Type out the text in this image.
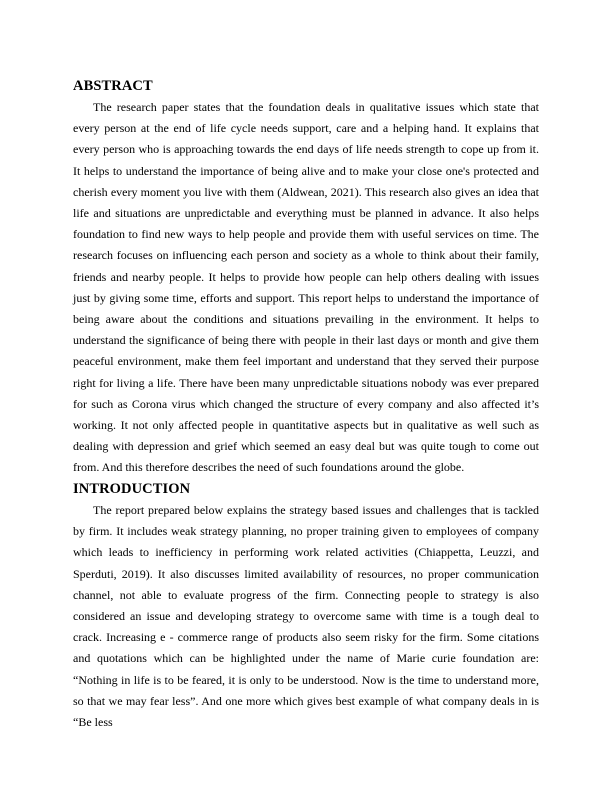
ABSTRACT

The research paper states that the foundation deals in qualitative issues which state that every person at the end of life cycle needs support, care and a helping hand. It explains that every person who is approaching towards the end days of life needs strength to cope up from it. It helps to understand the importance of being alive and to make your close one's protected and cherish every moment you live with them (Aldwean, 2021). This research also gives an idea that life and situations are unpredictable and everything must be planned in advance. It also helps foundation to find new ways to help people and provide them with useful services on time. The research focuses on influencing each person and society as a whole to think about their family, friends and nearby people. It helps to provide how people can help others dealing with issues just by giving some time, efforts and support. This report helps to understand the importance of being aware about the conditions and situations prevailing in the environment. It helps to understand the significance of being there with people in their last days or month and give them peaceful environment, make them feel important and understand that they served their purpose right for living a life. There have been many unpredictable situations nobody was ever prepared for such as Corona virus which changed the structure of every company and also affected it’s working. It not only affected people in quantitative aspects but in qualitative as well such as dealing with depression and grief which seemed an easy deal but was quite tough to come out from. And this therefore describes the need of such foundations around the globe.

INTRODUCTION

The report prepared below explains the strategy based issues and challenges that is tackled by firm. It includes weak strategy planning, no proper training given to employees of company which leads to inefficiency in performing work related activities (Chiappetta, Leuzzi, and Sperduti, 2019). It also discusses limited availability of resources, no proper communication channel, not able to evaluate progress of the firm. Connecting people to strategy is also considered an issue and developing strategy to overcome same with time is a tough deal to crack. Increasing e - commerce range of products also seem risky for the firm. Some citations and quotations which can be highlighted under the name of Marie curie foundation are: “Nothing in life is to be feared, it is only to be understood. Now is the time to understand more, so that we may fear less”. And one more which gives best example of what company deals in is “Be less
